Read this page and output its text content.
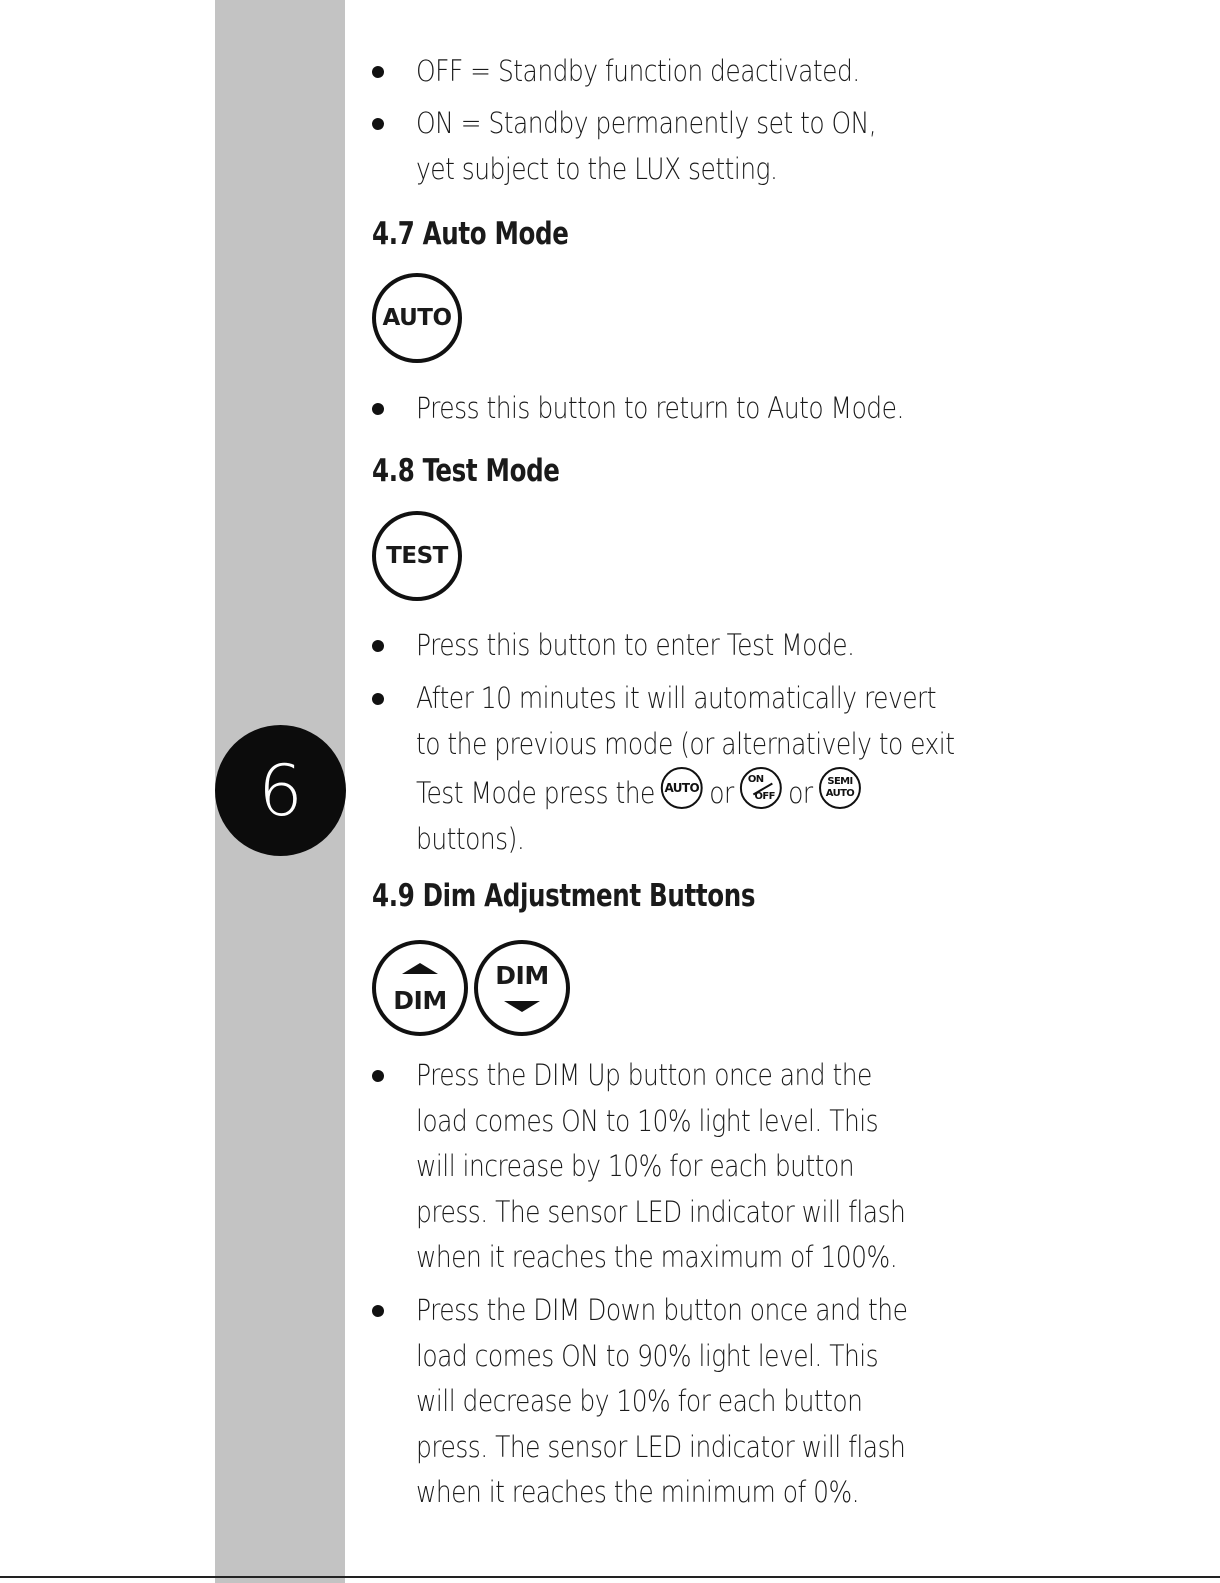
6
OFF = Standby function deactivated.
ON = Standby permanently set to ON,
yet subject to the LUX setting.
4.7 Auto Mode
AUTO
Press this button to return to Auto Mode.
4.8 Test Mode
TEST
Press this button to enter Test Mode.
After 10 minutes it will automatically revert
to the previous mode (or alternatively to exit
Test Mode press the AUTO or ON
OFF or	SEMI
AUTO
buttons).
4.9 Dim Adjustment Buttons
DIM
DIM
Press the DIM Up button once and the
load comes ON to 10% light level. This
will increase by 10% for each button
press. The sensor LED indicator will flash
when it reaches the maximum of 100%.
Press the DIM Down button once and the
load comes ON to 90% light level. This
will decrease by 10% for each button
press. The sensor LED indicator will flash
when it reaches the minimum of 0%.
